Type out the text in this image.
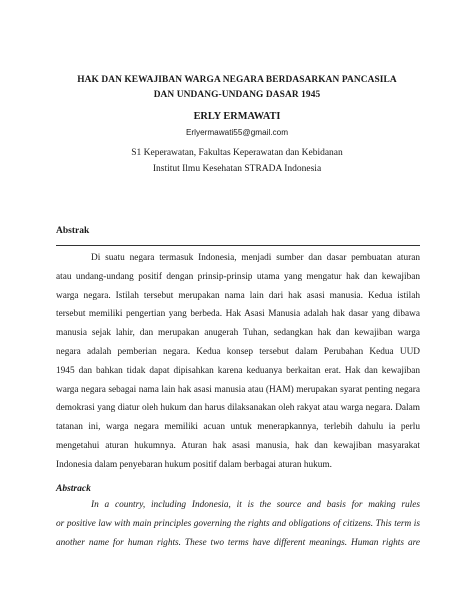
HAK DAN KEWAJIBAN WARGA NEGARA BERDASARKAN PANCASILA
DAN UNDANG-UNDANG DASAR 1945
ERLY ERMAWATI
Erlyermawati55@gmail.com
S1 Keperawatan, Fakultas Keperawatan dan Kebidanan
Institut Ilmu Kesehatan STRADA Indonesia
Abstrak
Di suatu negara termasuk Indonesia, menjadi sumber dan dasar pembuatan aturan
atau undang-undang positif dengan prinsip-prinsip utama yang mengatur hak dan kewajiban
warga negara. Istilah tersebut merupakan nama lain dari hak asasi manusia. Kedua istilah
tersebut memiliki pengertian yang berbeda. Hak Asasi Manusia adalah hak dasar yang dibawa
manusia sejak lahir, dan merupakan anugerah Tuhan, sedangkan hak dan kewajiban warga
negara adalah pemberian negara. Kedua konsep tersebut dalam Perubahan Kedua UUD
1945 dan bahkan tidak dapat dipisahkan karena keduanya berkaitan erat. Hak dan kewajiban
warga negara sebagai nama lain hak asasi manusia atau (HAM) merupakan syarat penting negara
demokrasi yang diatur oleh hukum dan harus dilaksanakan oleh rakyat atau warga negara. Dalam
tatanan ini, warga negara memiliki acuan untuk menerapkannya, terlebih dahulu ia perlu
mengetahui aturan hukumnya. Aturan hak asasi manusia, hak dan kewajiban masyarakat
Indonesia dalam penyebaran hukum positif dalam berbagai aturan hukum.
Abstrack
In a country, including Indonesia, it is the source and basis for making rules
or positive law with main principles governing the rights and obligations of citizens. This term is
another name for human rights. These two terms have different meanings. Human rights are
